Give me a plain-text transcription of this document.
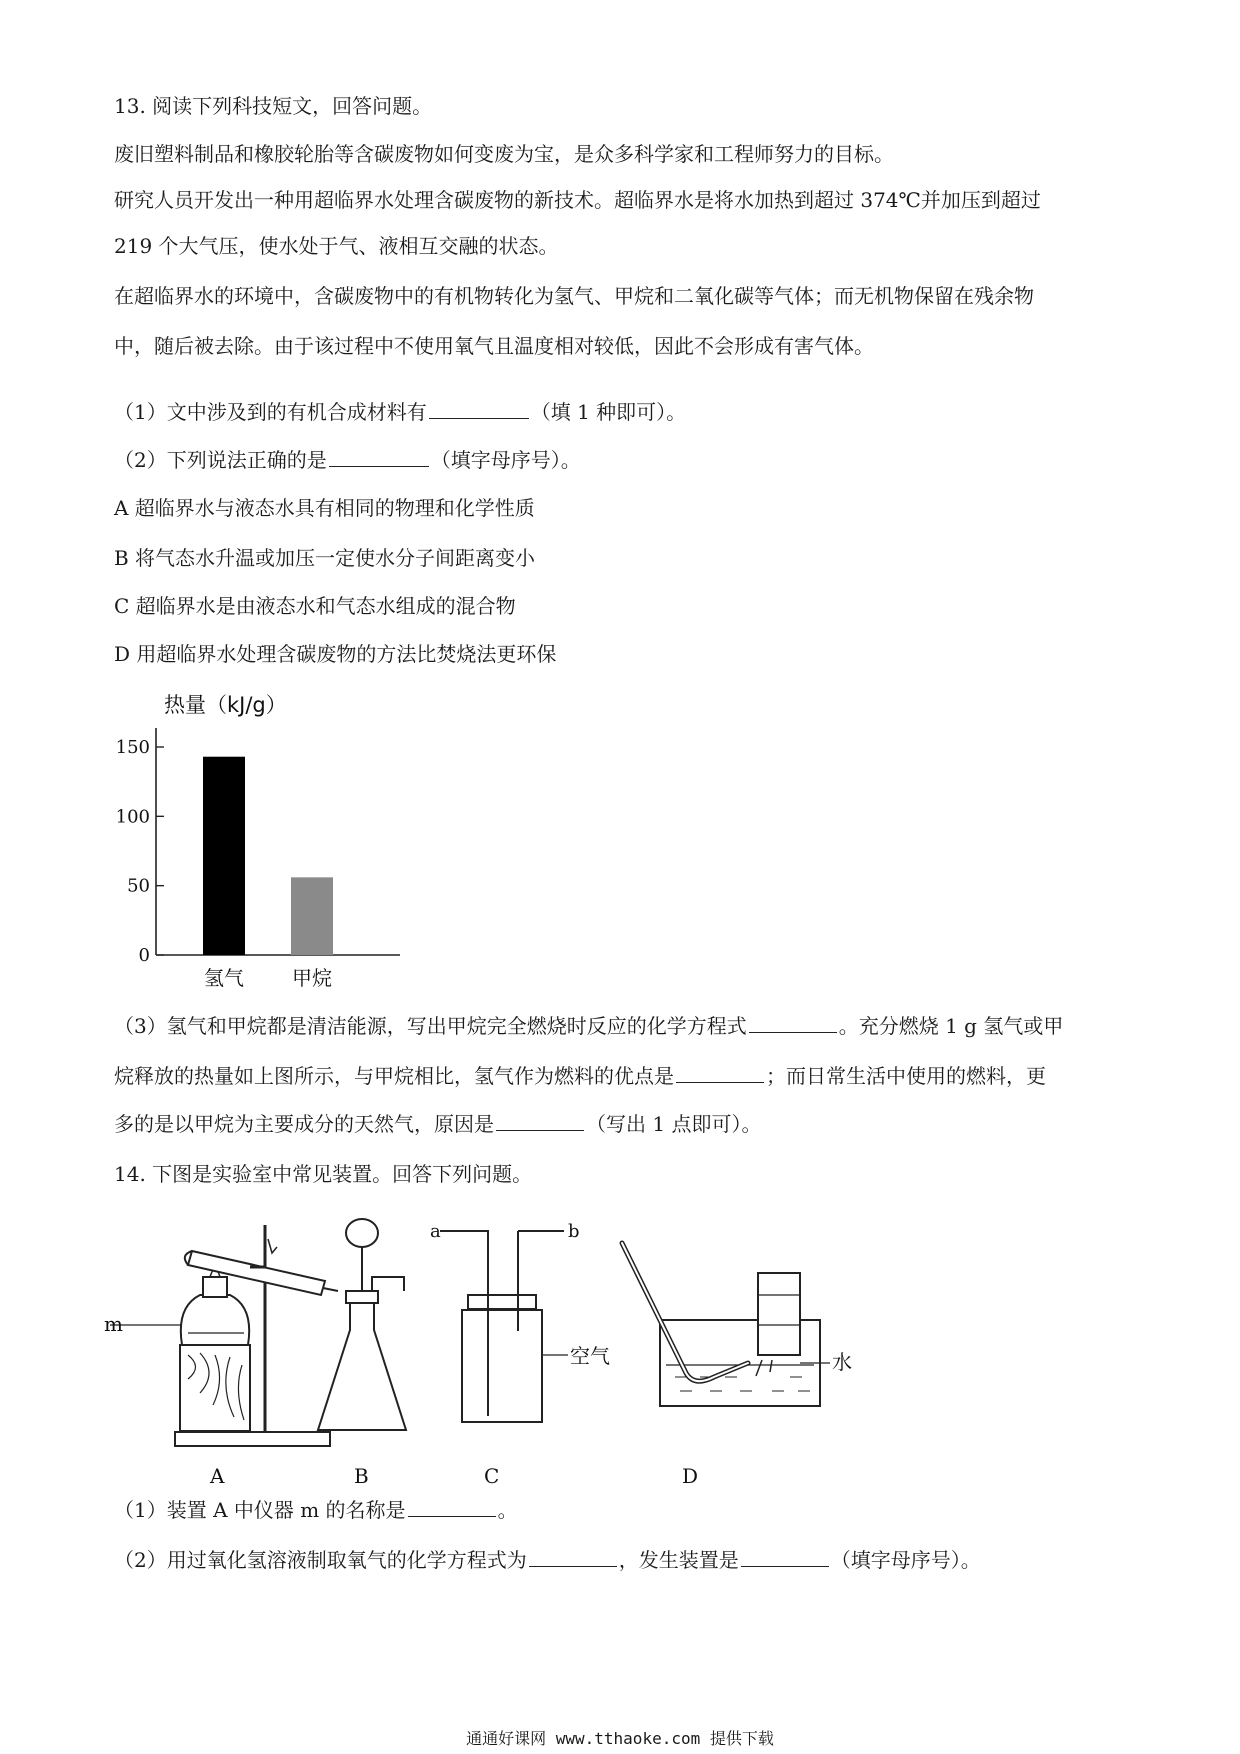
13. 阅读下列科技短文，回答问题。
废旧塑料制品和橡胶轮胎等含碳废物如何变废为宝，是众多科学家和工程师努力的目标。
研究人员开发出一种用超临界水处理含碳废物的新技术。超临界水是将水加热到超过 374℃并加压到超过
219 个大气压，使水处于气、液相互交融的状态。
在超临界水的环境中，含碳废物中的有机物转化为氢气、甲烷和二氧化碳等气体；而无机物保留在残余物
中，随后被去除。由于该过程中不使用氧气且温度相对较低，因此不会形成有害气体。
（1）文中涉及到的有机合成材料有	（填 1 种即可）。
（2）下列说法正确的是	（填字母序号）。
A 超临界水与液态水具有相同的物理和化学性质
B 将气态水升温或加压一定使水分子间距离变小
C 超临界水是由液态水和气态水组成的混合物
D 用超临界水处理含碳废物的方法比焚烧法更环保
热量（kJ/g）
0
50
100
150
氢气 甲烷
（3）氢气和甲烷都是清洁能源，写出甲烷完全燃烧时反应的化学方程式	。充分燃烧 1 g 氢气或甲
烷释放的热量如上图所示，与甲烷相比，氢气作为燃料的优点是	；而日常生活中使用的燃料，更
多的是以甲烷为主要成分的天然气，原因是	（写出 1 点即可）。
14. 下图是实验室中常见装置。回答下列问题。
m
a	b
空气	水
A	B	C	D
（1）装置 A 中仪器 m 的名称是	。
（2）用过氧化氢溶液制取氧气的化学方程式为	，发生装置是	（填字母序号）。
通通好课网 www.tthaoke.com 提供下载
